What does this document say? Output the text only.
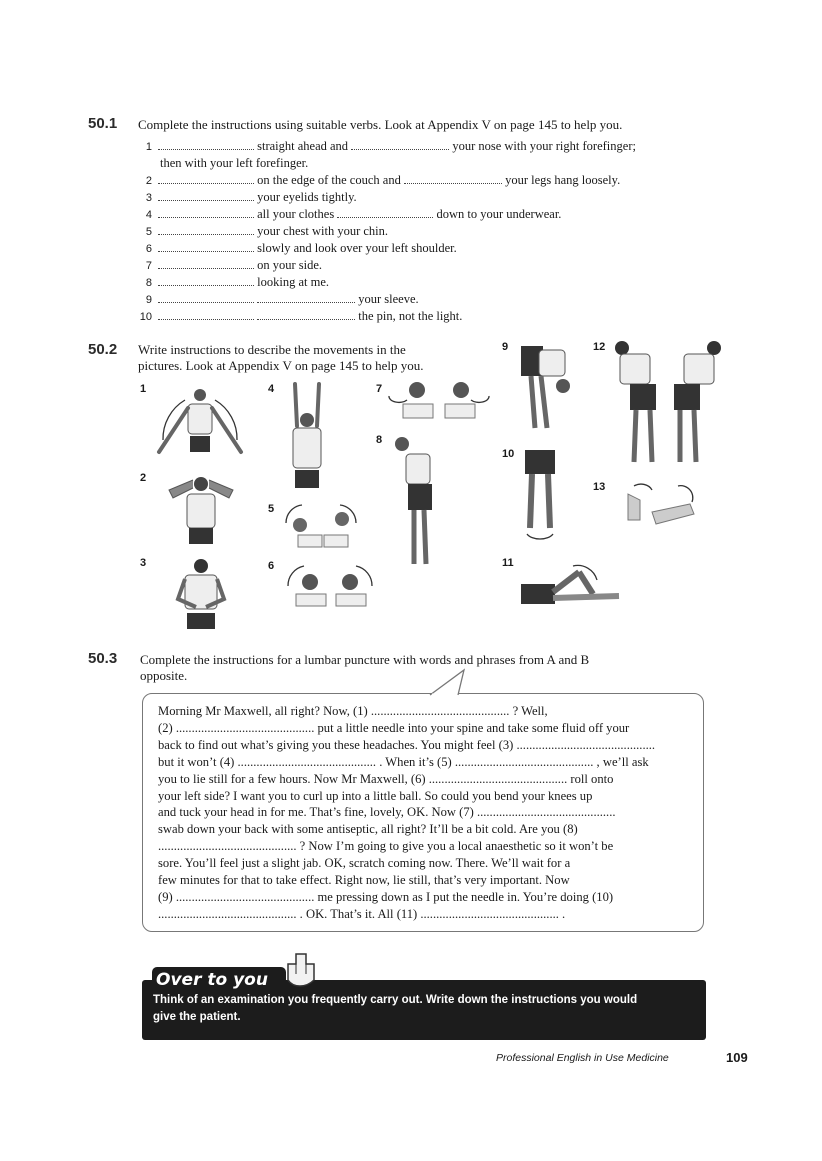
50.1 Complete the instructions using suitable verbs. Look at Appendix V on page 145 to help you.
1	straight ahead and	your nose with your right forefinger;
then with your left forefinger.
2	on the edge of the couch and	your legs hang loosely.
3	your eyelids tightly.
4	all your clothes	down to your underwear.
5	your chest with your chin.
6	slowly and look over your left shoulder.
7	on your side.
8	looking at me.
9	your sleeve.
10	the pin, not the light.
50.2 Write instructions to describe the movements in the
pictures. Look at Appendix V on page 145 to help you.
1
2
3
4
5
6
7
8
9
10
11
12
13
50.3 Complete the instructions for a lumbar puncture with words and phrases from A and B
opposite.
Morning Mr Maxwell, all right? Now, (1) ............................................ ? Well,
(2) ............................................ put a little needle into your spine and take some fluid off your
back to find out what’s giving you these headaches. You might feel (3) ............................................
but it won’t (4) ............................................ . When it’s (5) ............................................ , we’ll ask
you to lie still for a few hours. Now Mr Maxwell, (6) ............................................ roll onto
your left side? I want you to curl up into a little ball. So could you bend your knees up
and tuck your head in for me. That’s fine, lovely, OK. Now (7) ............................................
swab down your back with some antiseptic, all right? It’ll be a bit cold. Are you (8)
............................................ ? Now I’m going to give you a local anaesthetic so it won’t be
sore. You’ll feel just a slight jab. OK, scratch coming now. There. We’ll wait for a
few minutes for that to take effect. Right now, lie still, that’s very important. Now
(9) ............................................ me pressing down as I put the needle in. You’re doing (10)
............................................ . OK. That’s it. All (11) ............................................ .
Over to you
Think of an examination you frequently carry out. Write down the instructions you would
give the patient.
Professional English in Use Medicine	109
